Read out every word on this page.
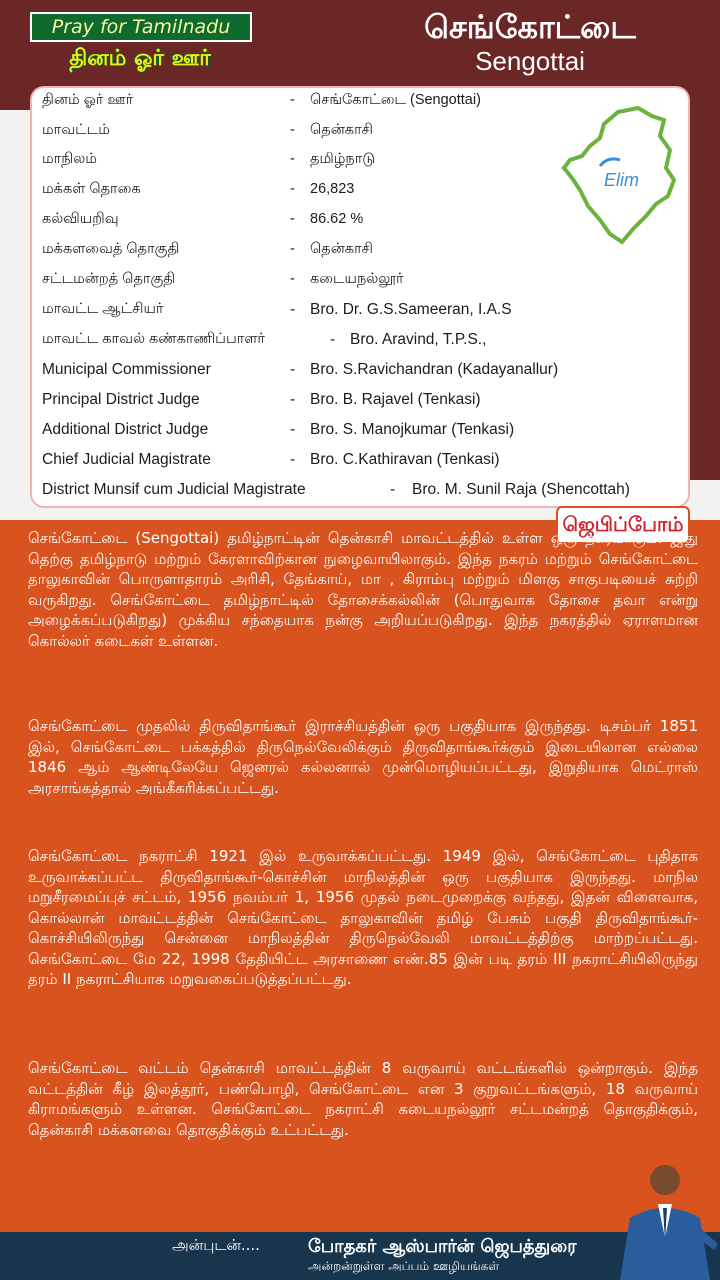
Pray for Tamilnadu
தினம் ஓர் ஊர்
செங்கோட்டை
Sengottai
தினம் ஓர் ஊர்	- செங்கோட்டை (Sengottai)
மாவட்டம்	- தென்காசி
மாநிலம்	- தமிழ்நாடு
மக்கள் தொகை	- 26,823
கல்வியறிவு	- 86.62 %
மக்களவைத் தொகுதி	- தென்காசி
சட்டமன்றத் தொகுதி	- கடையநல்லூர்
மாவட்ட ஆட்சியர்	- Bro. Dr. G.S.Sameeran, I.A.S
மாவட்ட காவல் கண்காணிப்பாளர்	- Bro. Aravind, T.P.S.,
Municipal Commissioner	- Bro. S.Ravichandran (Kadayanallur)
Principal District Judge	- Bro. B. Rajavel (Tenkasi)
Additional District Judge	- Bro. S. Manojkumar (Tenkasi)
Chief Judicial Magistrate	- Bro. C.Kathiravan (Tenkasi)
District Munsif cum Judicial Magistrate	- Bro. M. Sunil Raja (Shencottah)
Elim
ஜெபிப்போம்
செங்கோட்டை (Sengottai) தமிழ்நாட்டின் தென்காசி மாவட்டத்தில் உள்ள ஒரு நகரமாகும். இது தெற்கு தமிழ்நாடு மற்றும் கேரளாவிற்கான நுழைவாயிலாகும். இந்த நகரம் மற்றும் செங்கோட்டை தாலுகாவின் பொருளாதாரம் அரிசி, தேங்காய், மா , கிராம்பு மற்றும் மிளகு சாகுபடியைச் சுற்றி வருகிறது. செங்கோட்டை தமிழ்நாட்டில் தோசைக்கல்லின் (பொதுவாக தோசை தவா என்று அழைக்கப்படுகிறது) முக்கிய சந்தையாக நன்கு அறியப்படுகிறது. இந்த நகரத்தில் ஏராளமான கொல்லர் கடைகள் உள்ளன.
செங்கோட்டை முதலில் திருவிதாங்கூர் இராச்சியத்தின் ஒரு பகுதியாக இருந்தது. டிசம்பர் 1851 இல், செங்கோட்டை பக்கத்தில் திருநெல்வேலிக்கும் திருவிதாங்கூர்க்கும் இடையிலான எல்லை 1846 ஆம் ஆண்டிலேயே ஜெனரல் கல்லனால் முன்மொழியப்பட்டது, இறுதியாக மெட்ராஸ் அரசாங்கத்தால் அங்கீகரிக்கப்பட்டது.
செங்கோட்டை நகராட்சி 1921 இல் உருவாக்கப்பட்டது. 1949 இல், செங்கோட்டை புதிதாக உருவாக்கப்பட்ட திருவிதாங்கூர்-கொச்சின் மாநிலத்தின் ஒரு பகுதியாக இருந்தது. மாநில மறுசீரமைப்புச் சட்டம், 1956 நவம்பர் 1, 1956 முதல் நடைமுறைக்கு வந்தது, இதன் விளைவாக, கொல்லான் மாவட்டத்தின் செங்கோட்டை தாலுகாவின் தமிழ் பேசும் பகுதி திருவிதாங்கூர்-கொச்சியிலிருந்து சென்னை மாநிலத்தின் திருநெல்வேலி மாவட்டத்திற்கு மாற்றப்பட்டது. செங்கோட்டை மே 22, 1998 தேதியிட்ட அரசாணை எண்.85 இன் படி தரம் III நகராட்சியிலிருந்து தரம் II நகராட்சியாக மறுவகைப்படுத்தப்பட்டது.
செங்கோட்டை வட்டம் தென்காசி மாவட்டத்தின் 8 வருவாய் வட்டங்களில் ஒன்றாகும். இந்த வட்டத்தின் கீழ் இலத்தூர், பண்பொழி, செங்கோட்டை என 3 குறுவட்டங்களும், 18 வருவாய் கிராமங்களும் உள்ளன. செங்கோட்டை நகராட்சி கடையநல்லூர் சட்டமன்றத் தொகுதிக்கும், தென்காசி மக்களவை தொகுதிக்கும் உட்பட்டது.
அன்புடன்....	போதகர் ஆஸ்பார்ன் ஜெபத்துரை
அன்றன்றுள்ள அப்பம் ஊழியங்கள்
